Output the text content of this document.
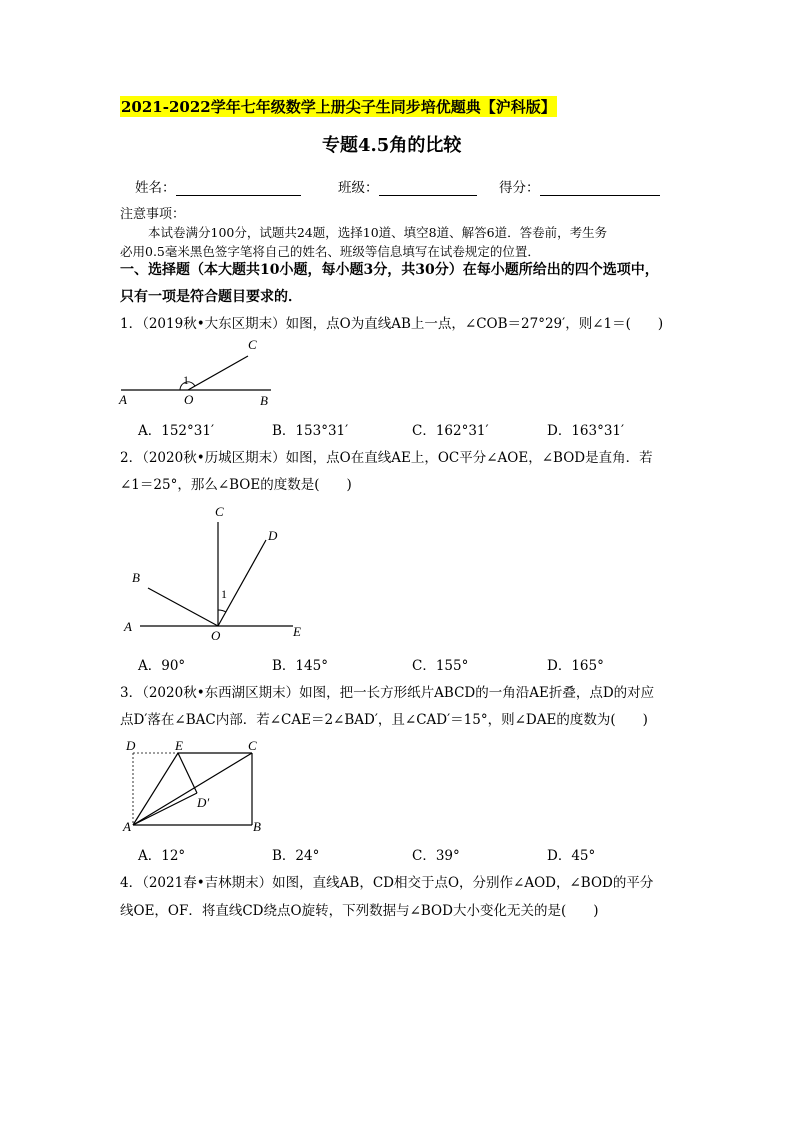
2021-2022学年七年级数学上册尖子生同步培优题典【沪科版】
专题4.5角的比较
姓名：	班级：	得分：
注意事项：
本试卷满分100分，试题共24题，选择10道、填空8道、解答6道．答卷前，考生务
必用0.5毫米黑色签字笔将自己的姓名、班级等信息填写在试卷规定的位置．
一、选择题（本大题共10小题，每小题3分，共30分）在每小题所给出的四个选项中，
只有一项是符合题目要求的．
1．（2019秋•大东区期末）如图，点O为直线AB上一点，∠COB＝27°29′，则∠1＝(　　)
C
1
A	O	B
A．152°31′	B．153°31′	C．162°31′	D．163°31′
2．（2020秋•历城区期末）如图，点O在直线AE上，OC平分∠AOE，∠BOD是直角．若
∠1＝25°，那么∠BOE的度数是(　　)
C
D
B
1
A
O	E
A．90°	B．145°	C．155°	D．165°
3．（2020秋•东西湖区期末）如图，把一长方形纸片ABCD的一角沿AE折叠，点D的对应
点D′落在∠BAC内部．若∠CAE＝2∠BAD′，且∠CAD′＝15°，则∠DAE的度数为(　　)
D	E	C
D′
A	B
A．12°	B．24°	C．39°	D．45°
4．（2021春•吉林期末）如图，直线AB，CD相交于点O，分别作∠AOD，∠BOD的平分
线OE，OF．将直线CD绕点O旋转，下列数据与∠BOD大小变化无关的是(　　)
